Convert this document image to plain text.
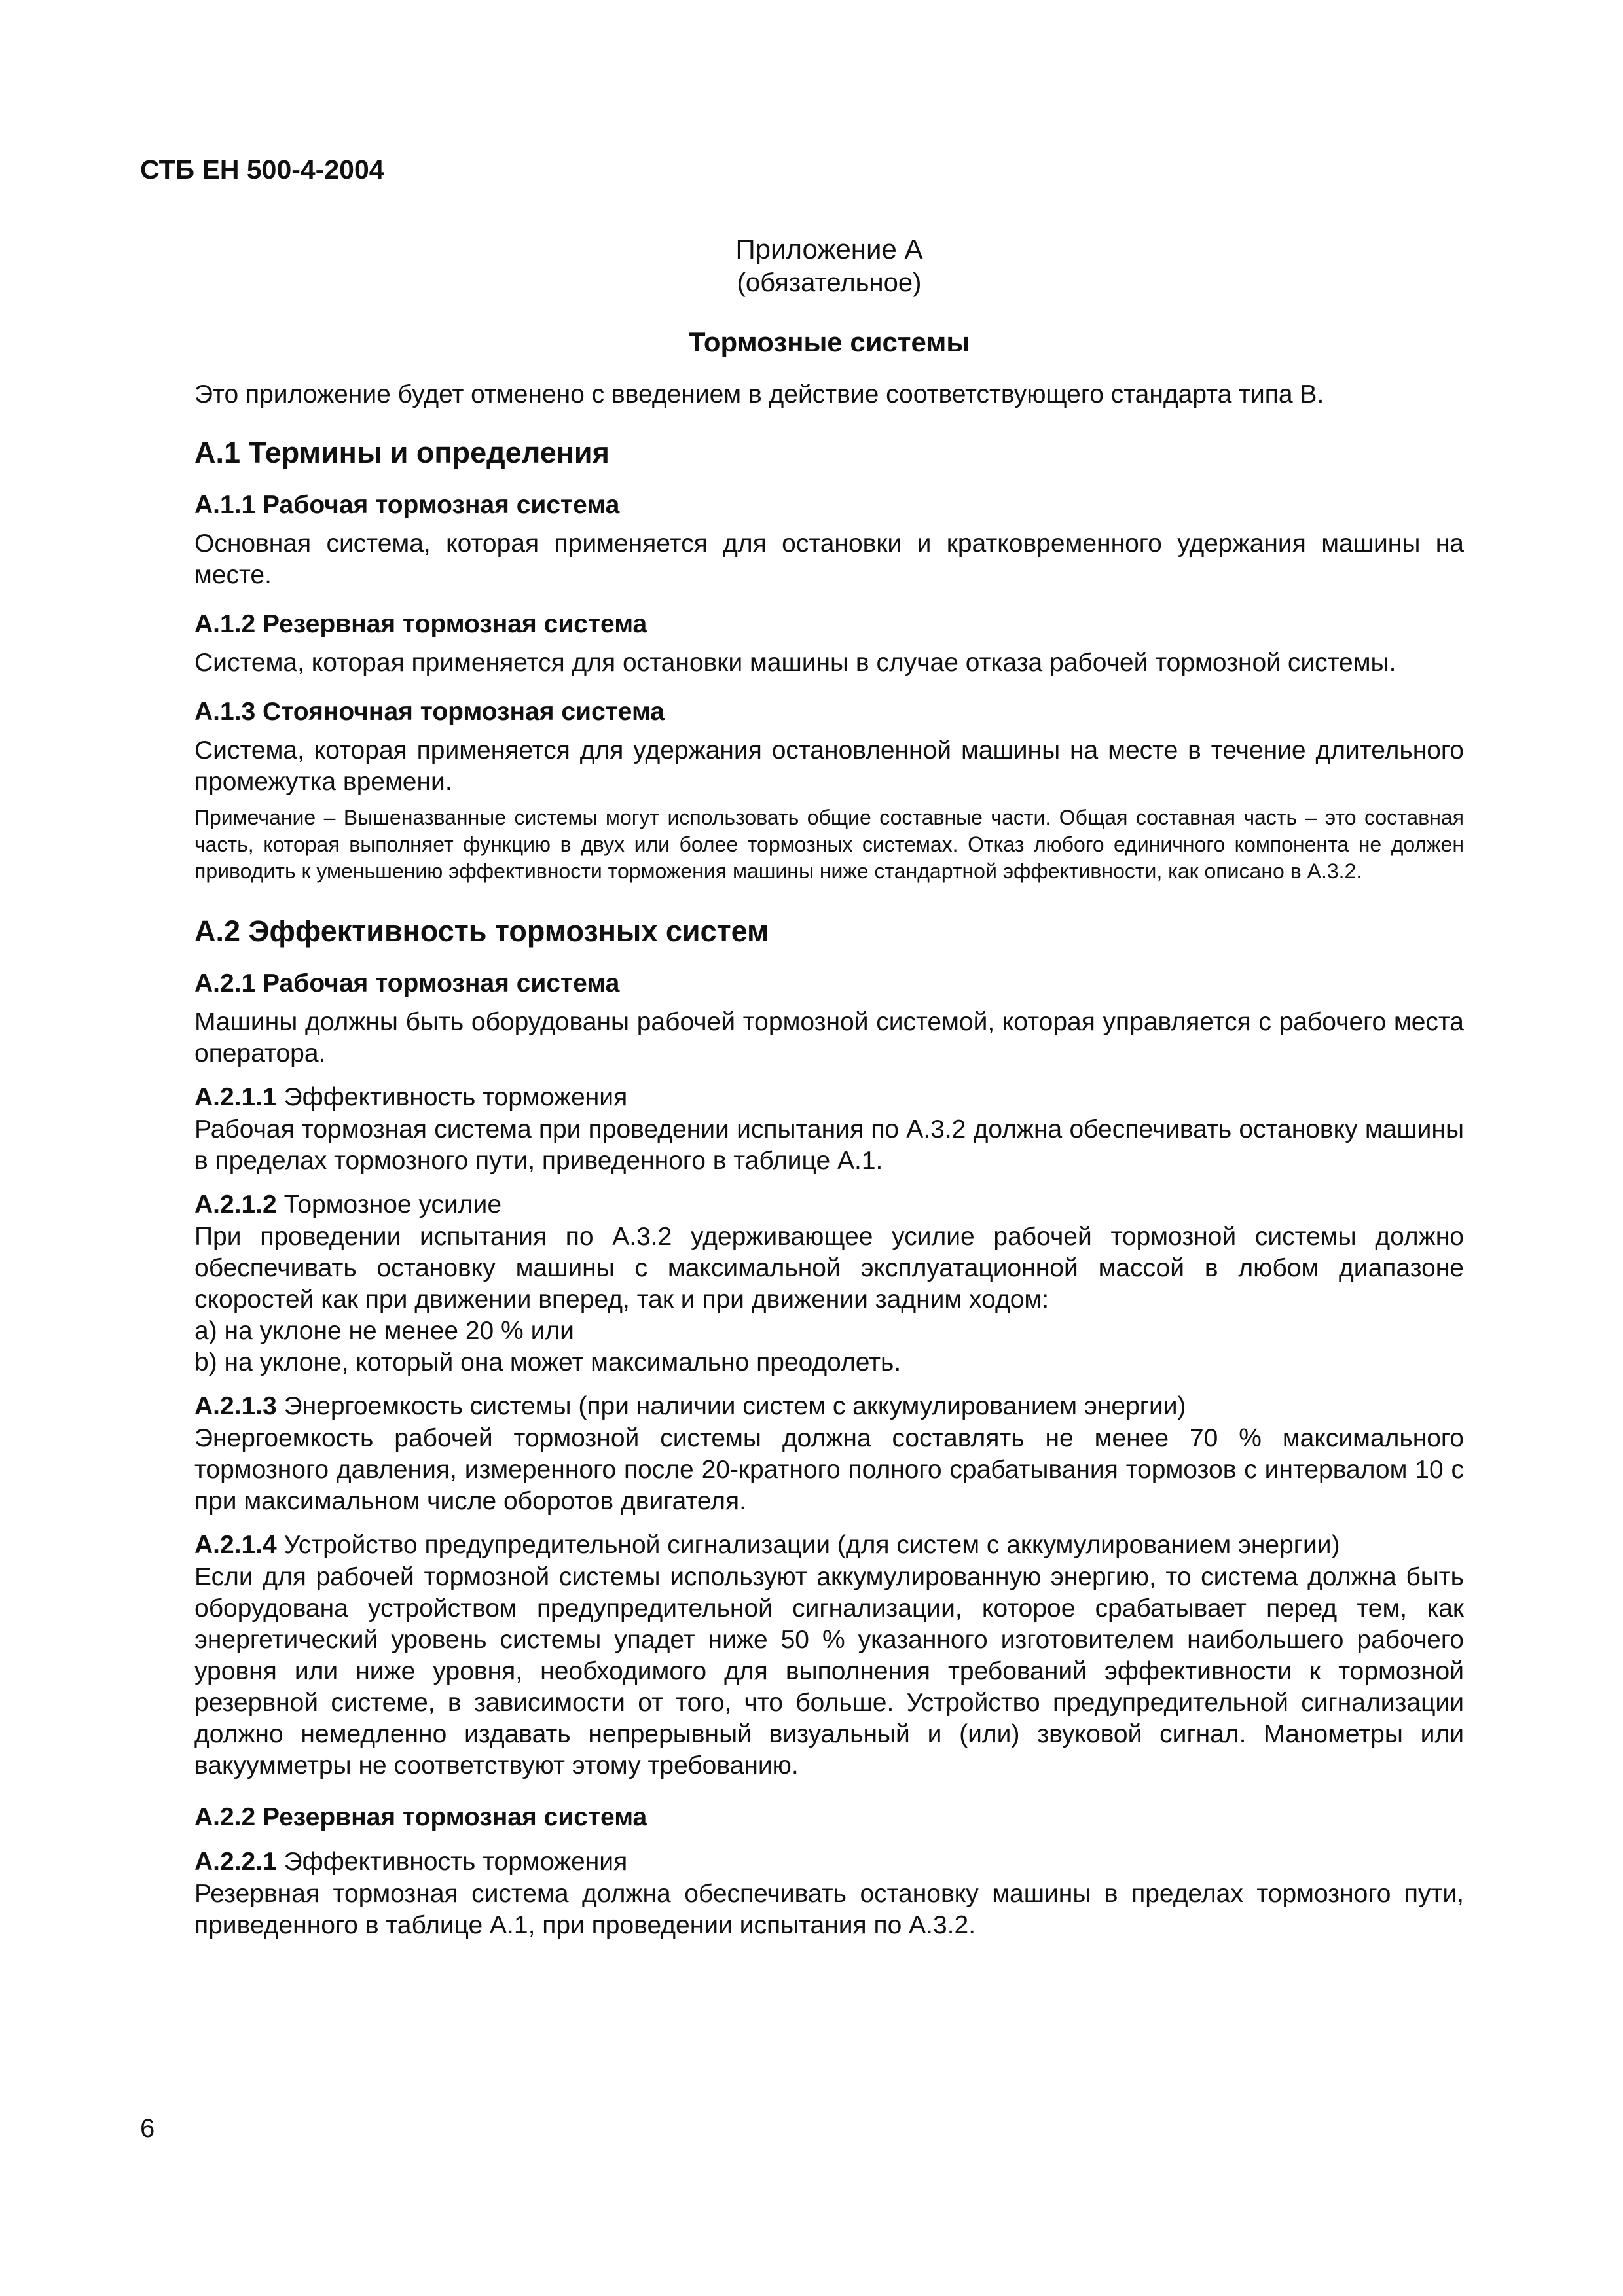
СТБ ЕН 500-4-2004
Приложение А
(обязательное)
Тормозные системы

Это приложение будет отменено с введением в действие соответствующего стандарта типа В.

А.1 Термины и определения
А.1.1 Рабочая тормозная система

Основная система, которая применяется для остановки и кратковременного удержания машины на месте.

А.1.2 Резервная тормозная система

Система, которая применяется для остановки машины в случае отказа рабочей тормозной системы.

А.1.3 Стояночная тормозная система

Система, которая применяется для удержания остановленной машины на месте в течение длительного промежутка времени.

Примечание – Вышеназванные системы могут использовать общие составные части. Общая составная часть – это составная часть, которая выполняет функцию в двух или более тормозных системах. Отказ любого единичного компонента не должен приводить к уменьшению эффективности торможения машины ниже стандартной эффективности, как описано в А.3.2.

А.2 Эффективность тормозных систем
А.2.1 Рабочая тормозная система

Машины должны быть оборудованы рабочей тормозной системой, которая управляется с рабочего места оператора.

А.2.1.1 Эффективность торможения

Рабочая тормозная система при проведении испытания по А.3.2 должна обеспечивать остановку машины в пределах тормозного пути, приведенного в таблице А.1.

А.2.1.2 Тормозное усилие

При проведении испытания по А.3.2 удерживающее усилие рабочей тормозной системы должно обеспечивать остановку машины с максимальной эксплуатационной массой в любом диапазоне скоростей как при движении вперед, так и при движении задним ходом:

a) на уклоне не менее 20 % или

b) на уклоне, который она может максимально преодолеть.

А.2.1.3 Энергоемкость системы (при наличии систем с аккумулированием энергии)

Энергоемкость рабочей тормозной системы должна составлять не менее 70 % максимального тормозного давления, измеренного после 20-кратного полного срабатывания тормозов с интервалом 10 с при максимальном числе оборотов двигателя.

А.2.1.4 Устройство предупредительной сигнализации (для систем с аккумулированием энергии)

Если для рабочей тормозной системы используют аккумулированную энергию, то система должна быть оборудована устройством предупредительной сигнализации, которое срабатывает перед тем, как энергетический уровень системы упадет ниже 50 % указанного изготовителем наибольшего рабочего уровня или ниже уровня, необходимого для выполнения требований эффективности к тормозной резервной системе, в зависимости от того, что больше. Устройство предупредительной сигнализации должно немедленно издавать непрерывный визуальный и (или) звуковой сигнал. Манометры или вакуумметры не соответствуют этому требованию.

А.2.2 Резервная тормозная система
А.2.2.1 Эффективность торможения

Резервная тормозная система должна обеспечивать остановку машины в пределах тормозного пути, приведенного в таблице А.1, при проведении испытания по А.3.2.

6
